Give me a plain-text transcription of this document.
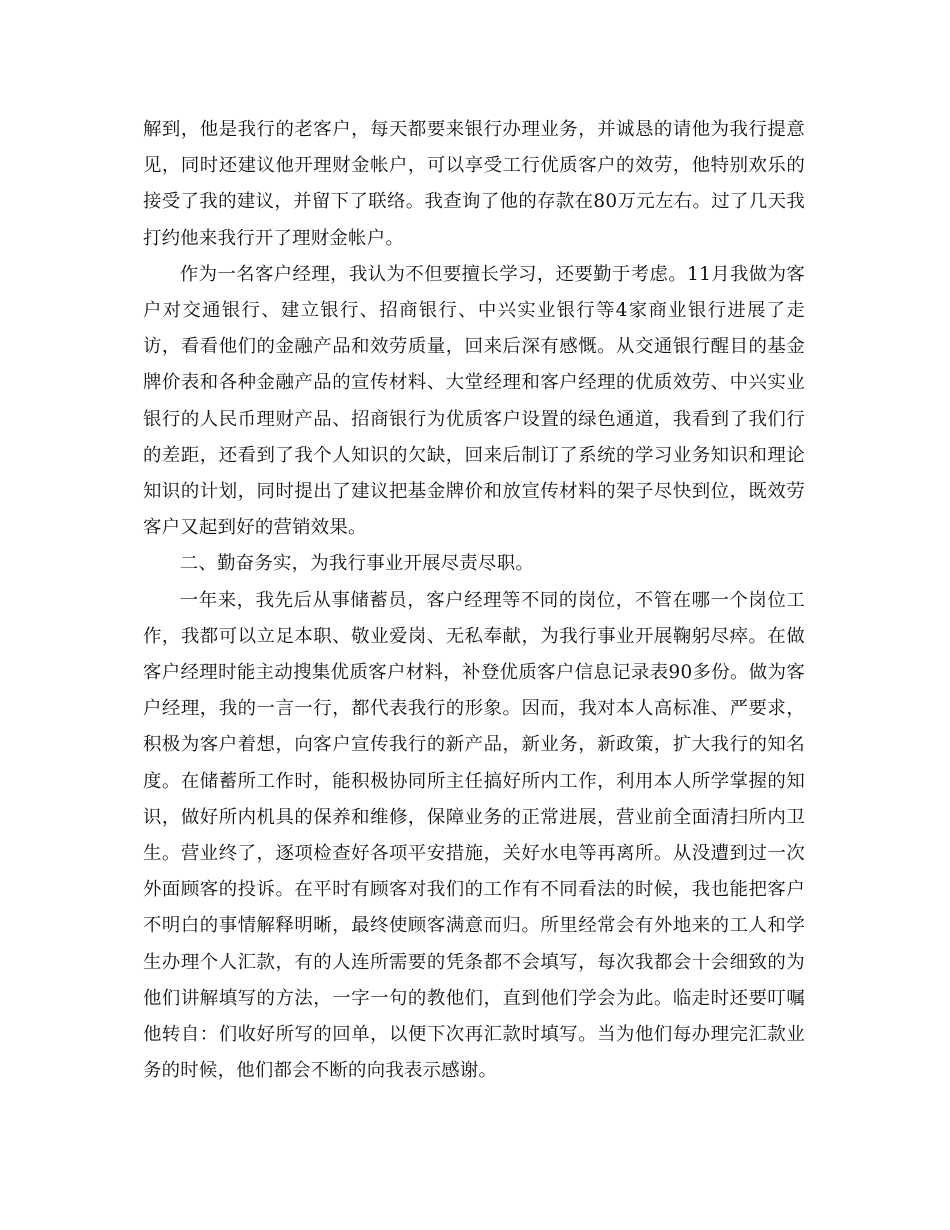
解到，他是我行的老客户，每天都要来银行办理业务，并诚恳的请他为我行提意见，同时还建议他开理财金帐户，可以享受工行优质客户的效劳，他特别欢乐的接受了我的建议，并留下了联络。我查询了他的存款在80万元左右。过了几天我打约他来我行开了理财金帐户。

作为一名客户经理，我认为不但要擅长学习，还要勤于考虑。11月我做为客户对交通银行、建立银行、招商银行、中兴实业银行等4家商业银行进展了走访，看看他们的金融产品和效劳质量，回来后深有感慨。从交通银行醒目的基金牌价表和各种金融产品的宣传材料、大堂经理和客户经理的优质效劳、中兴实业银行的人民币理财产品、招商银行为优质客户设置的绿色通道，我看到了我们行的差距，还看到了我个人知识的欠缺，回来后制订了系统的学习业务知识和理论知识的计划，同时提出了建议把基金牌价和放宣传材料的架子尽快到位，既效劳客户又起到好的营销效果。

二、勤奋务实，为我行事业开展尽责尽职。

一年来，我先后从事储蓄员，客户经理等不同的岗位，不管在哪一个岗位工作，我都可以立足本职、敬业爱岗、无私奉献，为我行事业开展鞠躬尽瘁。在做客户经理时能主动搜集优质客户材料，补登优质客户信息记录表90多份。做为客户经理，我的一言一行，都代表我行的形象。因而，我对本人高标准、严要求，积极为客户着想，向客户宣传我行的新产品，新业务，新政策，扩大我行的知名度。在储蓄所工作时，能积极协同所主任搞好所内工作，利用本人所学掌握的知识，做好所内机具的保养和维修，保障业务的正常进展，营业前全面清扫所内卫生。营业终了，逐项检查好各项平安措施，关好水电等再离所。从没遭到过一次外面顾客的投诉。在平时有顾客对我们的工作有不同看法的时候，我也能把客户不明白的事情解释明晰，最终使顾客满意而归。所里经常会有外地来的工人和学生办理个人汇款，有的人连所需要的凭条都不会填写，每次我都会十会细致的为他们讲解填写的方法，一字一句的教他们，直到他们学会为此。临走时还要叮嘱他转自：们收好所写的回单，以便下次再汇款时填写。当为他们每办理完汇款业务的时候，他们都会不断的向我表示感谢。
